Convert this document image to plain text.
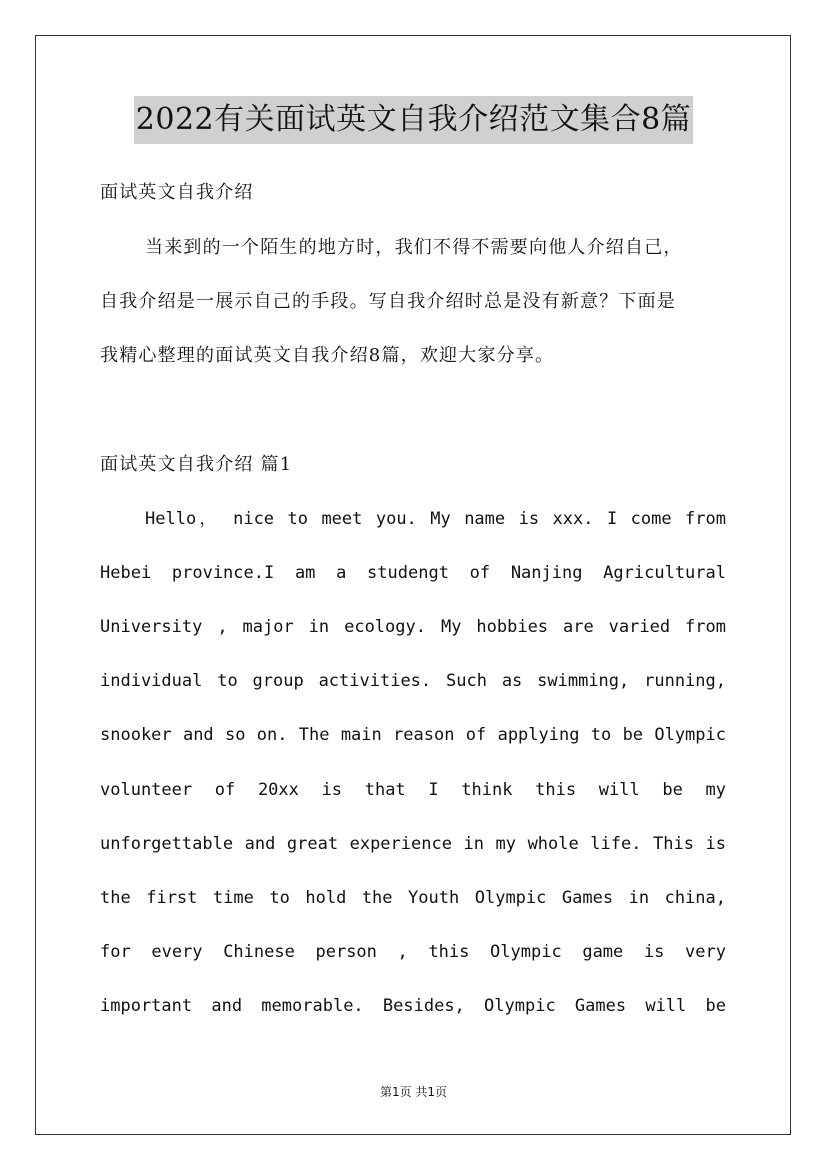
2022有关面试英文自我介绍范文集合8篇
面试英文自我介绍
当来到的一个陌生的地方时，我们不得不需要向他人介绍自己，
自我介绍是一展示自己的手段。写自我介绍时总是没有新意？下面是
我精心整理的面试英文自我介绍8篇，欢迎大家分享。
面试英文自我介绍 篇1
Hello， nice to meet you. My name is xxx. I come from
Hebei province.I am a studengt of Nanjing Agricultural
University , major in ecology. My hobbies are varied from
individual to group activities. Such as swimming, running,
snooker and so on. The main reason of applying to be Olympic
volunteer of 20xx is that I think this will be my
unforgettable and great experience in my whole life. This is
the first time to hold the Youth Olympic Games in china,
for every Chinese person , this Olympic game is very
important and memorable. Besides, Olympic Games will be
第1页 共1页
